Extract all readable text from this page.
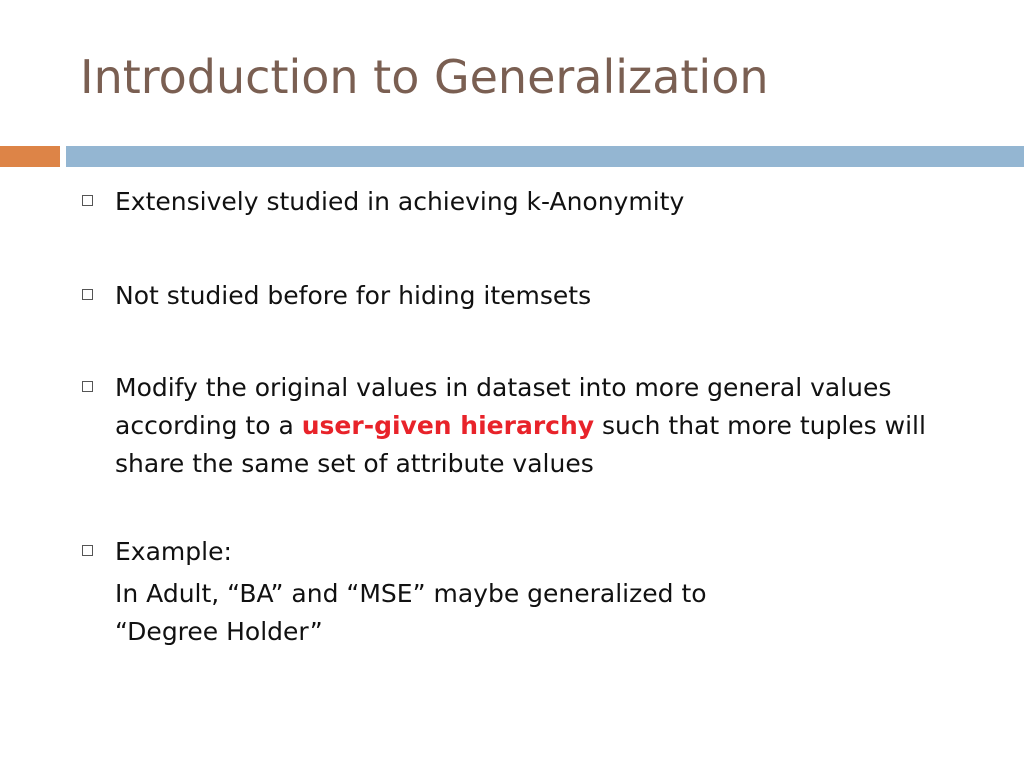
Introduction to Generalization
Extensively studied in achieving k-Anonymity
Not studied before for hiding itemsets
Modify the original values in dataset into more general values according to a user-given hierarchy such that more tuples will share the same set of attribute values
Example:
In Adult, “BA” and “MSE” maybe generalized to
“Degree Holder”
